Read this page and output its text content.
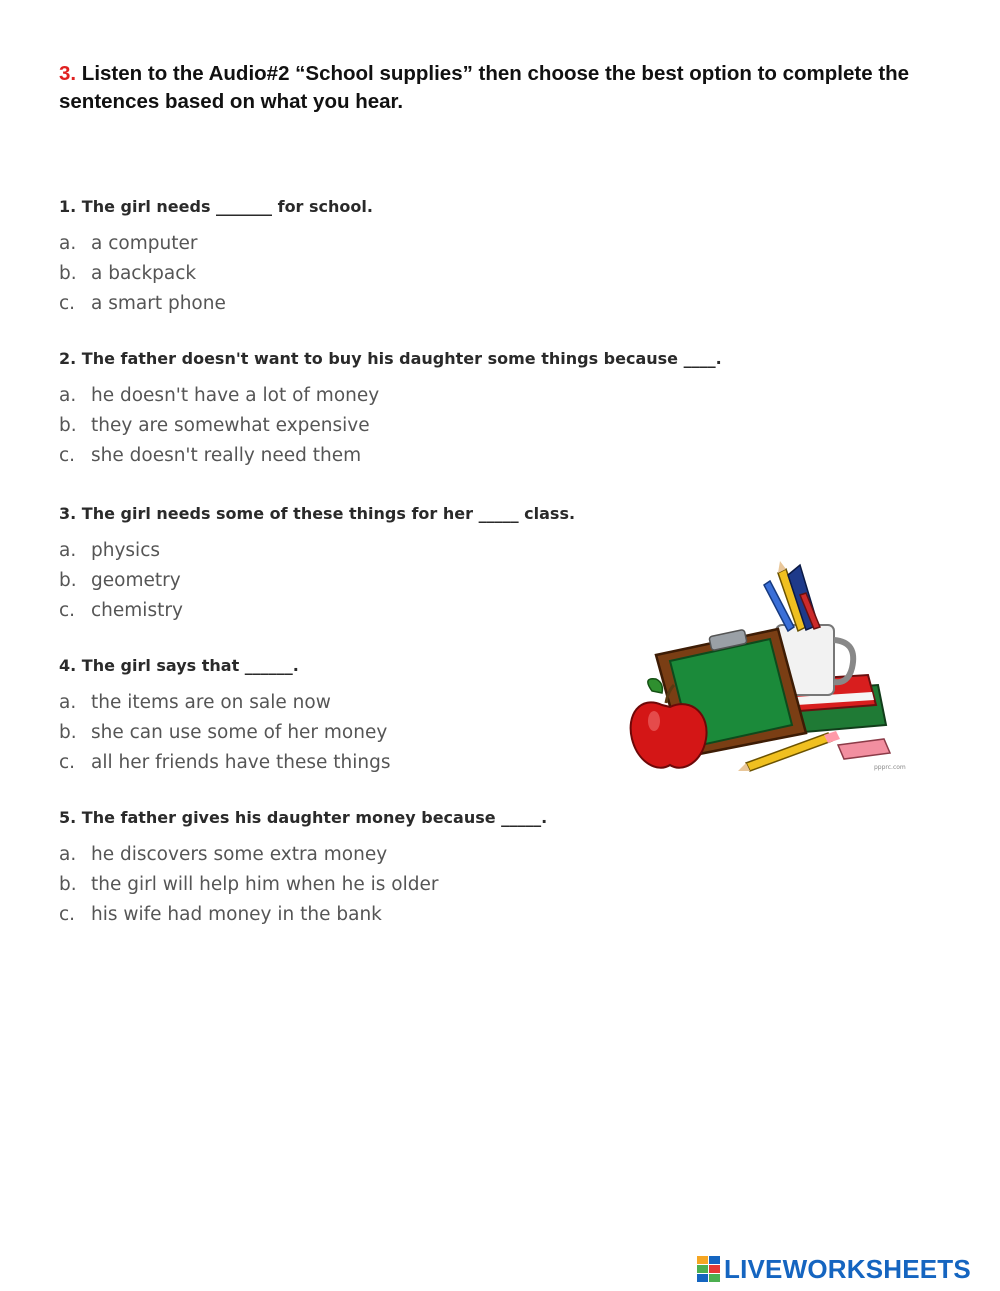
3. Listen to the Audio#2 “School supplies” then choose the best option to complete the sentences based on what you hear.
1. The girl needs _______ for school.
a. a computer
b. a backpack
c. a smart phone
2. The father doesn't want to buy his daughter some things because ____.
a. he doesn't have a lot of money
b. they are somewhat expensive
c. she doesn't really need them
3. The girl needs some of these things for her _____ class.
a. physics
b. geometry
c. chemistry
4. The girl says that ______.
a. the items are on sale now
b. she can use some of her money
c. all her friends have these things
5. The father gives his daughter money because _____.
a. he discovers some extra money
b. the girl will help him when he is older
c. his wife had money in the bank
ppprc.com
LIVEWORKSHEETS
